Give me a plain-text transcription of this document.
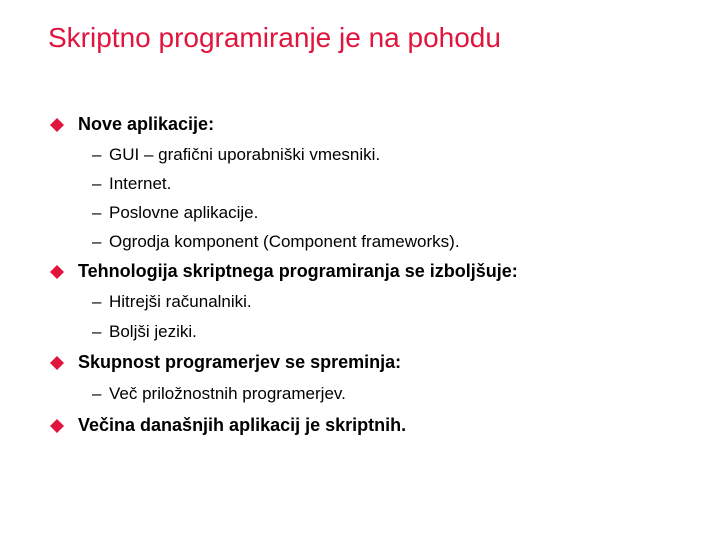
Skriptno programiranje je na pohodu
Nove aplikacije:
– GUI – grafični uporabniški vmesniki.
– Internet.
– Poslovne aplikacije.
– Ogrodja komponent (Component frameworks).
Tehnologija skriptnega programiranja se izboljšuje:
– Hitrejši računalniki.
– Boljši jeziki.
Skupnost programerjev se spreminja:
– Več priložnostnih programerjev.
Večina današnjih aplikacij je skriptnih.
